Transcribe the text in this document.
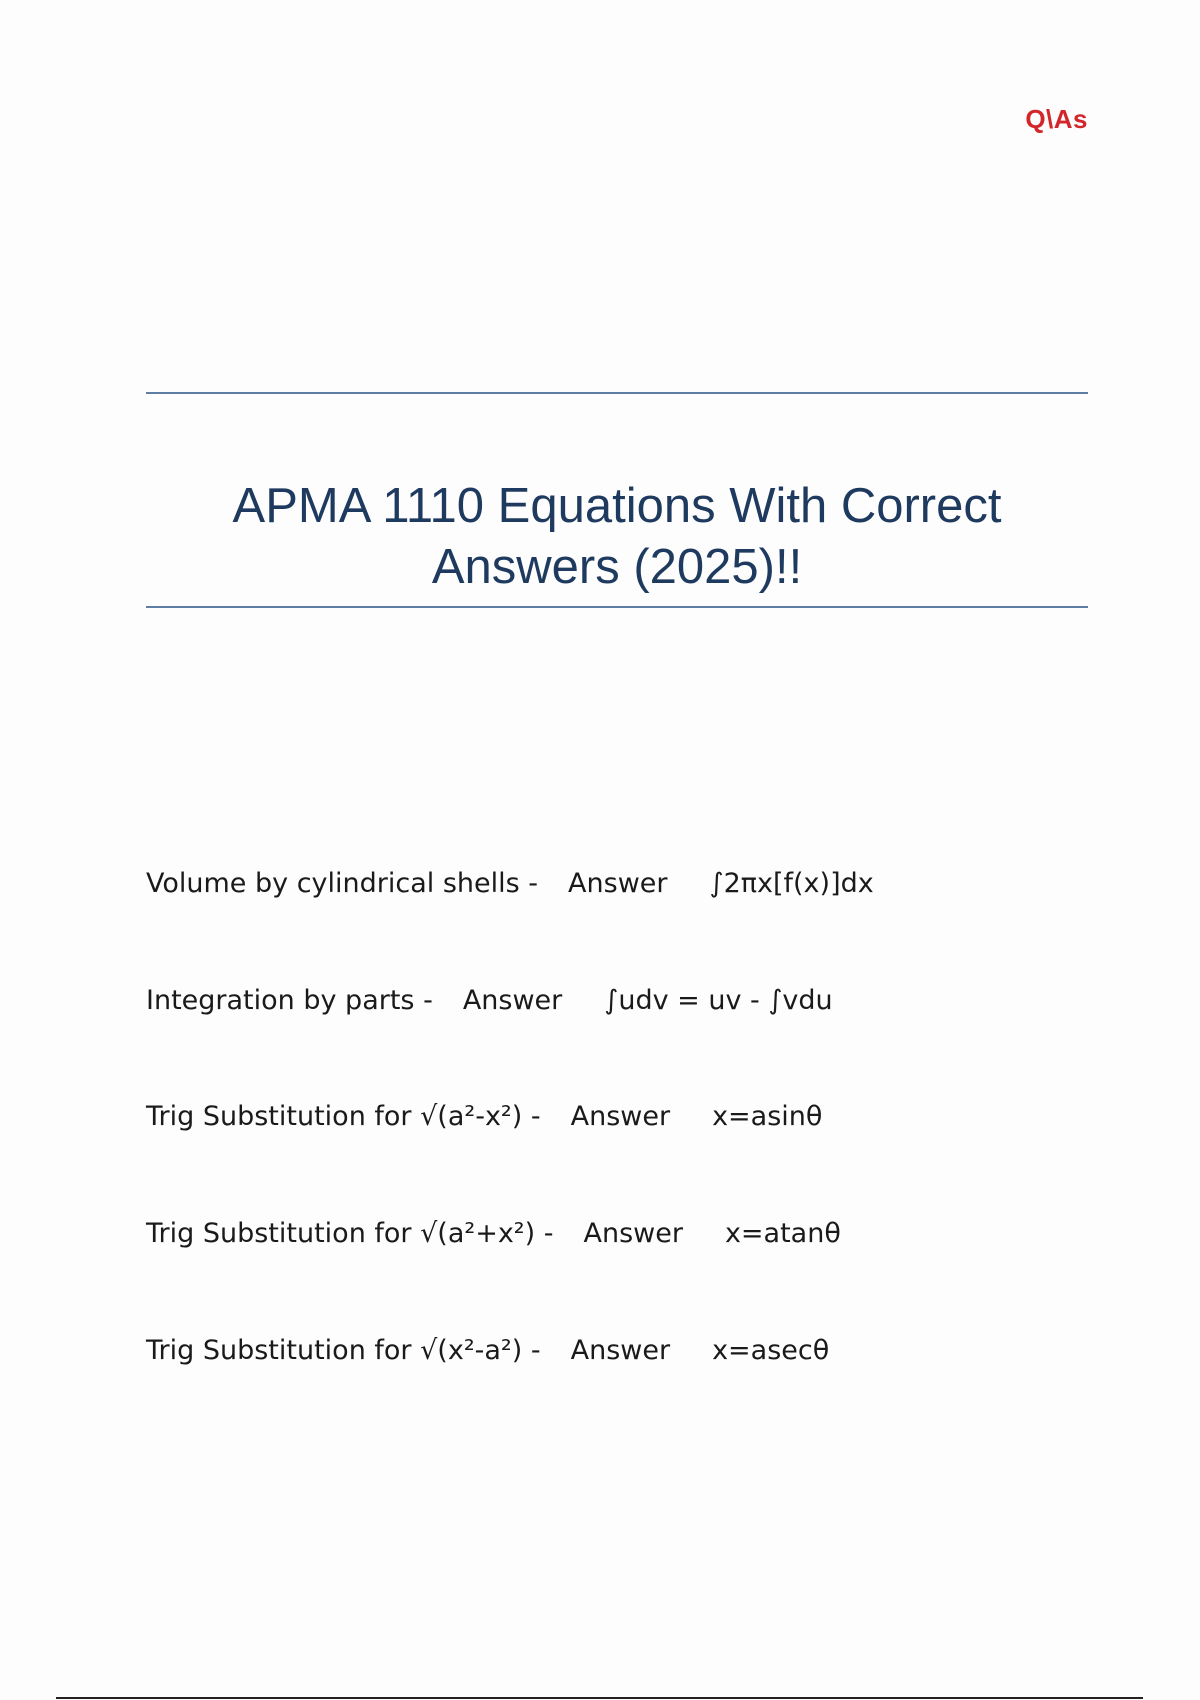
Q\As
APMA 1110 Equations With Correct Answers (2025)!!
Volume by cylindrical shells - Answer ∫2πx[f(x)]dx
Integration by parts - Answer ∫udv = uv - ∫vdu
Trig Substitution for √(a²-x²) - Answer x=asinθ
Trig Substitution for √(a²+x²) - Answer x=atanθ
Trig Substitution for √(x²-a²) - Answer x=asecθ
